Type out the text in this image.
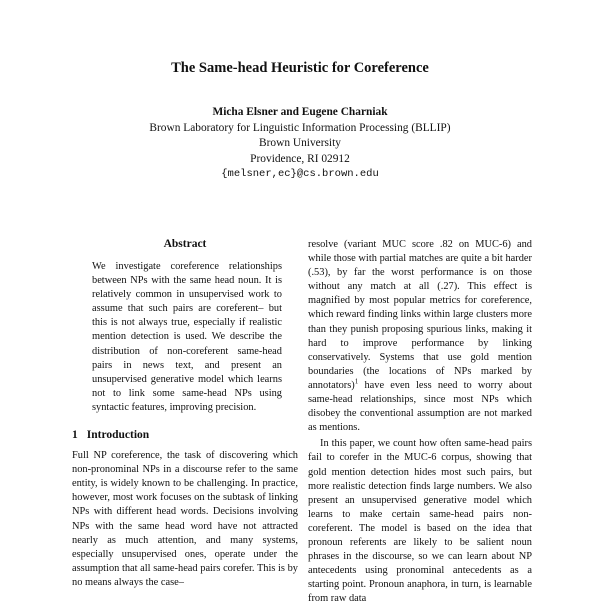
The Same-head Heuristic for Coreference
Micha Elsner and Eugene Charniak
Brown Laboratory for Linguistic Information Processing (BLLIP)
Brown University
Providence, RI 02912
{melsner,ec}@cs.brown.edu
Abstract

We investigate coreference relationships between NPs with the same head noun. It is relatively common in unsupervised work to assume that such pairs are coreferent– but this is not always true, especially if realistic mention detection is used. We describe the distribution of non-coreferent same-head pairs in news text, and present an unsupervised generative model which learns not to link some same-head NPs using syntactic features, improving precision.

1 Introduction

Full NP coreference, the task of discovering which non-pronominal NPs in a discourse refer to the same entity, is widely known to be challenging. In practice, however, most work focuses on the subtask of linking NPs with different head words. Decisions involving NPs with the same head word have not attracted nearly as much attention, and many systems, especially unsupervised ones, operate under the assumption that all same-head pairs corefer. This is by no means always the case–

resolve (variant MUC score .82 on MUC-6) and while those with partial matches are quite a bit harder (.53), by far the worst performance is on those without any match at all (.27). This effect is magnified by most popular metrics for coreference, which reward finding links within large clusters more than they punish proposing spurious links, making it hard to improve performance by linking conservatively. Systems that use gold mention boundaries (the locations of NPs marked by annotators)$^1$ have even less need to worry about same-head relationships, since most NPs which disobey the conventional assumption are not marked as mentions.

In this paper, we count how often same-head pairs fail to corefer in the MUC-6 corpus, showing that gold mention detection hides most such pairs, but more realistic detection finds large numbers. We also present an unsupervised generative model which learns to make certain same-head pairs non-coreferent. The model is based on the idea that pronoun referents are likely to be salient noun phrases in the discourse, so we can learn about NP antecedents using pronominal antecedents as a starting point. Pronoun anaphora, in turn, is learnable from raw data
